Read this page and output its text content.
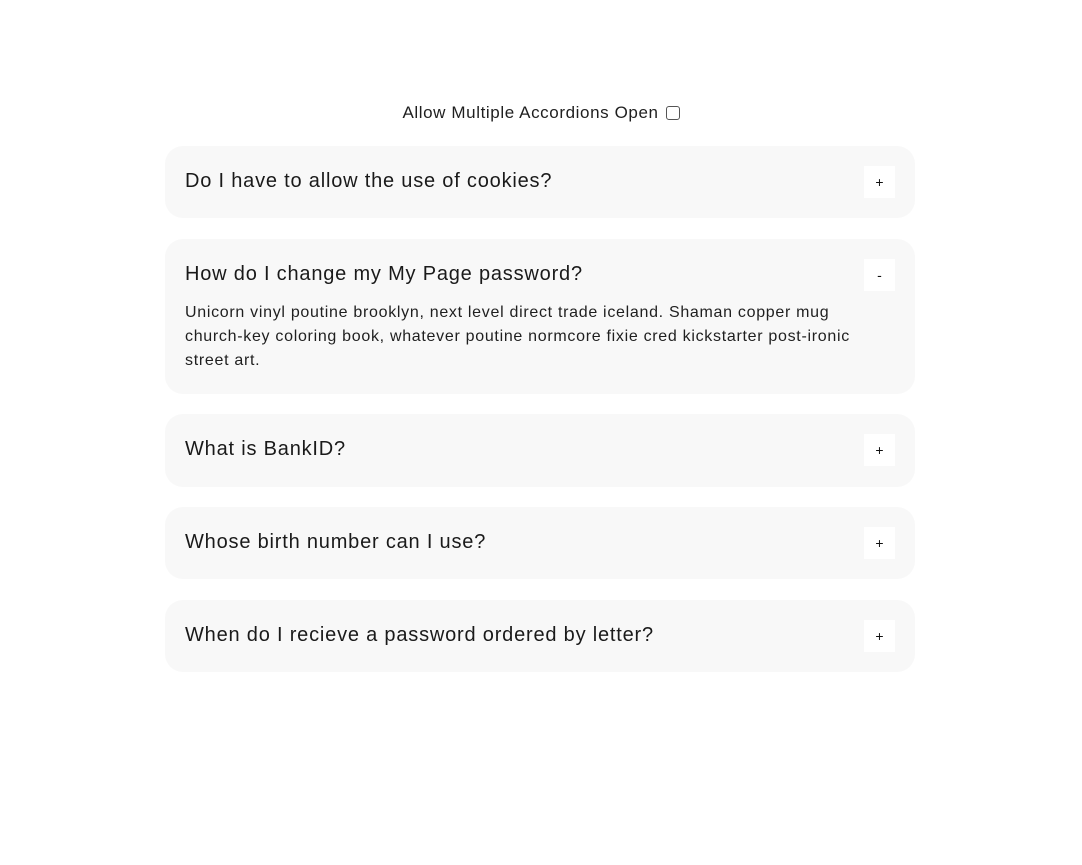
Allow Multiple Accordions Open
Do I have to allow the use of cookies?	+
How do I change my My Page password?	-
Unicorn vinyl poutine brooklyn, next level direct trade iceland. Shaman copper mug church-key coloring book, whatever poutine normcore fixie cred kickstarter post-ironic street art.
What is BankID?	+
Whose birth number can I use?	+
When do I recieve a password ordered by letter?	+
